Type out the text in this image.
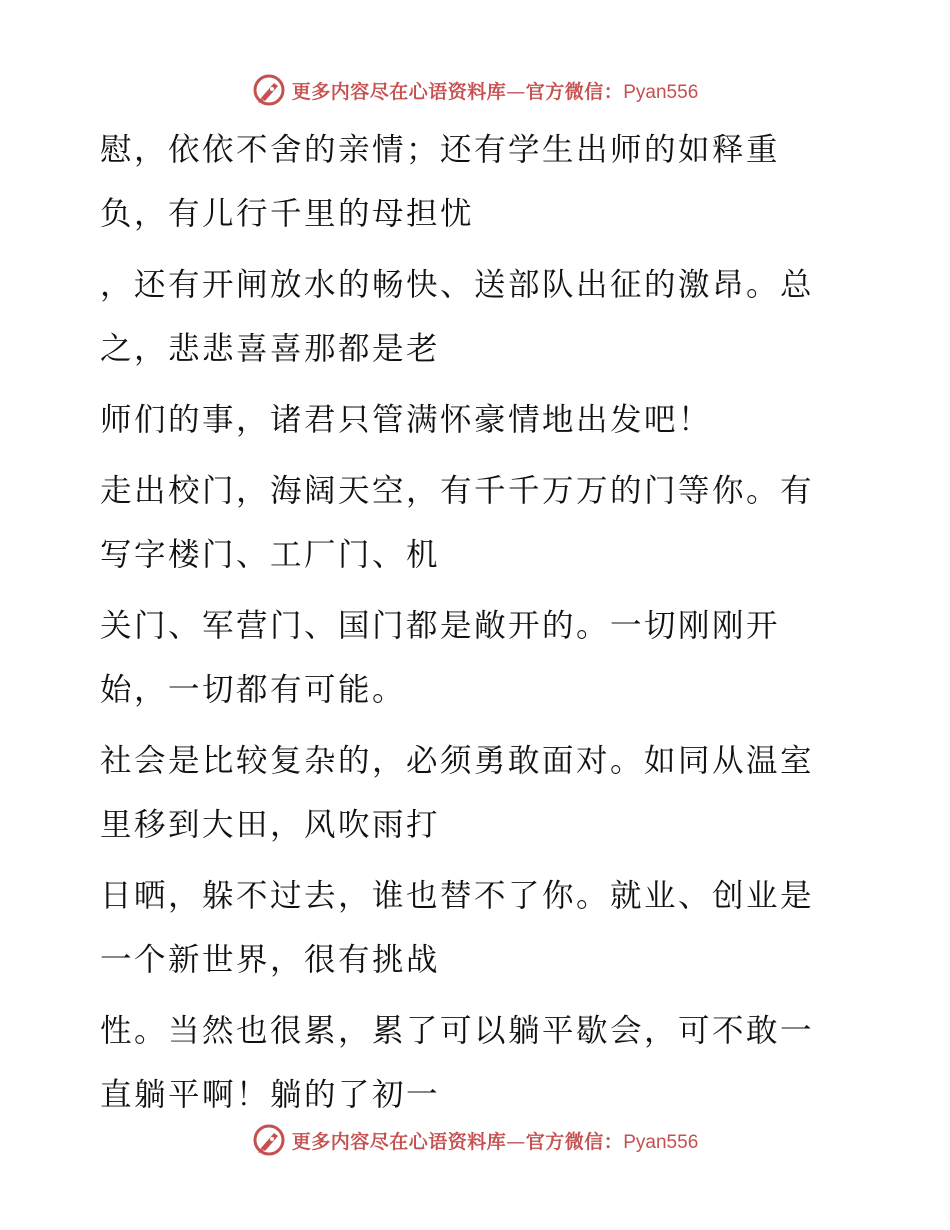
更多内容尽在心语资料库—官方微信：Pyan556
慰，依依不舍的亲情；还有学生出师的如释重
负，有儿行千里的母担忧
，还有开闸放水的畅快、送部队出征的激昂。总
之，悲悲喜喜那都是老
师们的事，诸君只管满怀豪情地出发吧！
走出校门，海阔天空，有千千万万的门等你。有
写字楼门、工厂门、机
关门、军营门、国门都是敞开的。一切刚刚开
始，一切都有可能。
社会是比较复杂的，必须勇敢面对。如同从温室
里移到大田，风吹雨打
日晒，躲不过去，谁也替不了你。就业、创业是
一个新世界，很有挑战
性。当然也很累，累了可以躺平歇会，可不敢一
直躺平啊！躺的了初一
更多内容尽在心语资料库—官方微信：Pyan556
